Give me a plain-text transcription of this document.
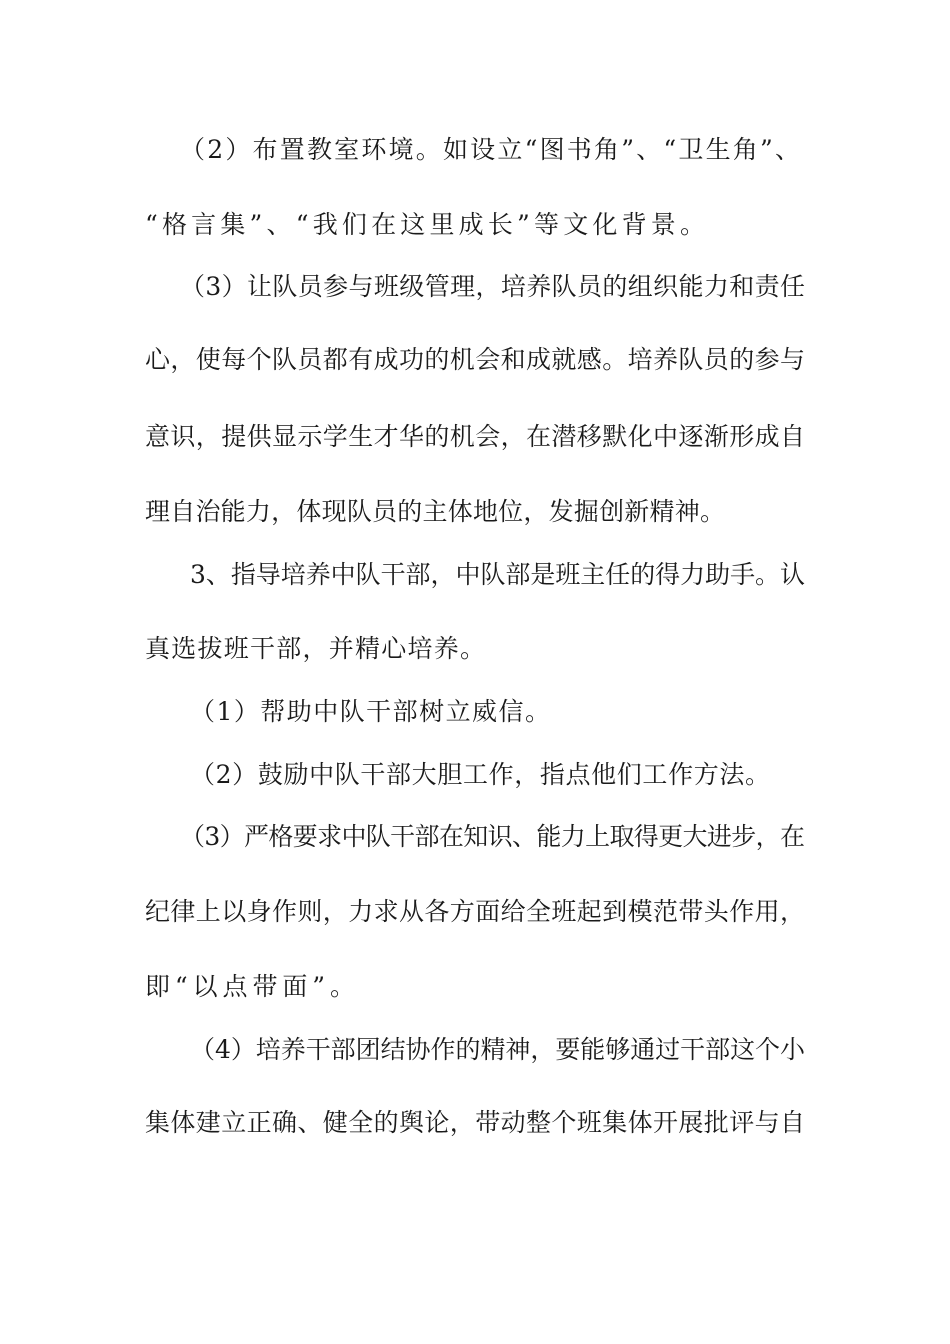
（2）布置教室环境。如设立“图书角”、“卫生角”、
“格言集”、“我们在这里成长”等文化背景。
（3）让队员参与班级管理，培养队员的组织能力和责任
心，使每个队员都有成功的机会和成就感。培养队员的参与
意识，提供显示学生才华的机会，在潜移默化中逐渐形成自
理自治能力，体现队员的主体地位，发掘创新精神。
3、指导培养中队干部，中队部是班主任的得力助手。认
真选拔班干部，并精心培养。
（1）帮助中队干部树立威信。
（2）鼓励中队干部大胆工作，指点他们工作方法。
（3）严格要求中队干部在知识、能力上取得更大进步，在
纪律上以身作则，力求从各方面给全班起到模范带头作用，
即“以点带面”。
（4）培养干部团结协作的精神，要能够通过干部这个小
集体建立正确、健全的舆论，带动整个班集体开展批评与自
